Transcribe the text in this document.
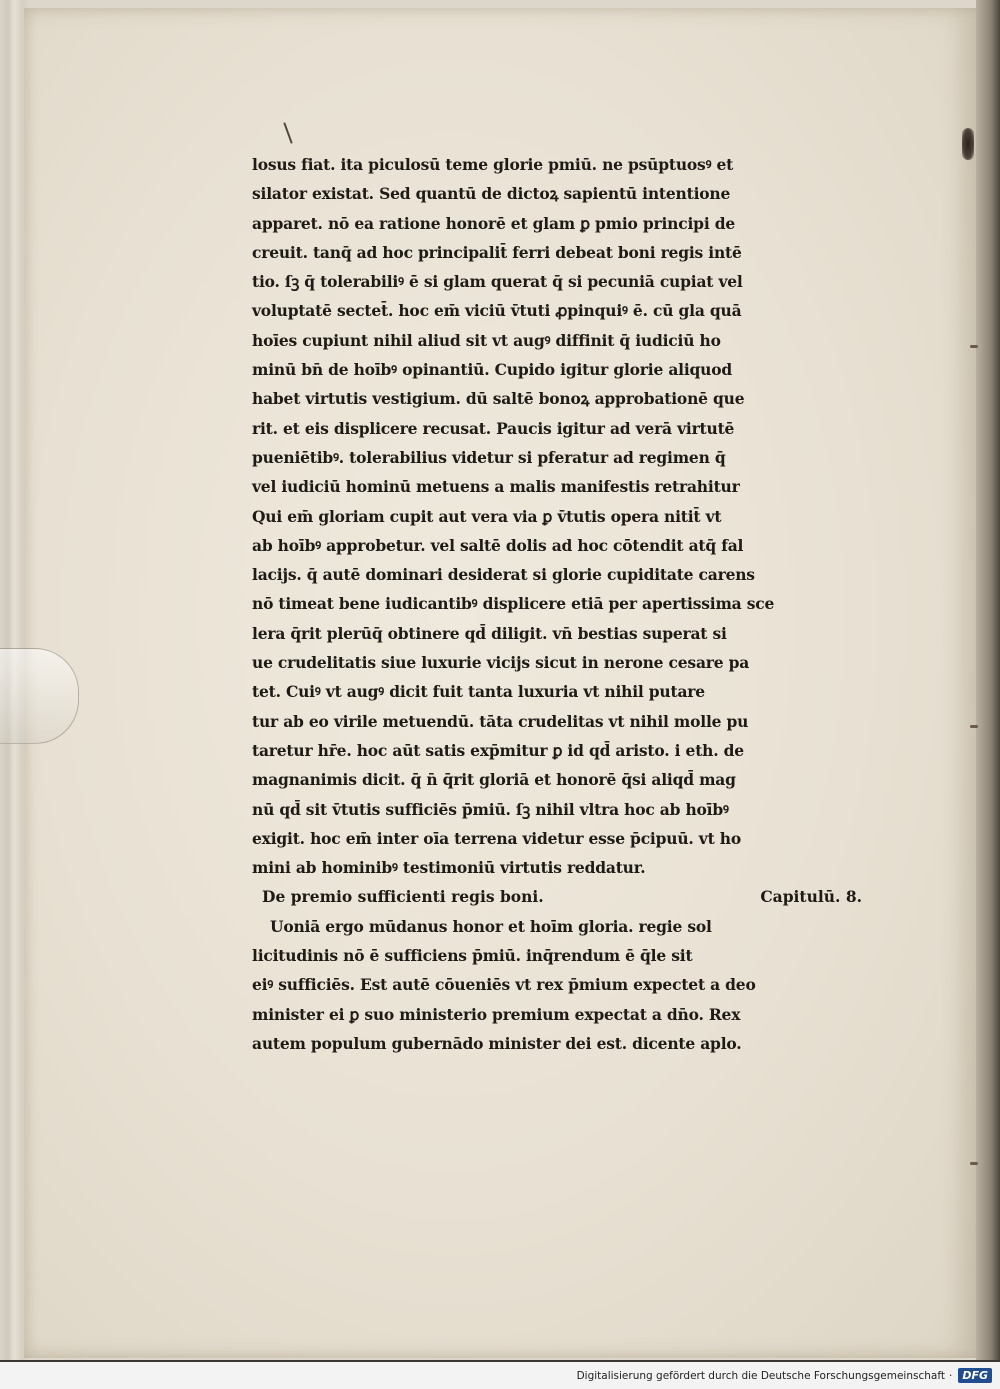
losus fiat. ita piculosū teme glorie pmiū. ne psūptuosꝰ et
silator existat. Sed quantū de dictoꝝ sapientū intentione
apparet. nō ea ratione honorē et glam ꝑ pmio principi de
creuit. tanq̄ ad hoc principalit̄ ferri debeat boni regis intē
tio. ſꝫ q̄ tolerabiliꝰ ē si glam querat q̄ si pecuniā cupiat vel
voluptatē sectet̄. hoc em̄ viciū v̄tuti ꝓpinquiꝰ ē. cū gla quā
hoīes cupiunt nihil aliud sit vt augꝰ diffinit q̄ iudiciū ho
minū bn̄ de hoībꝰ opinantiū. Cupido igitur glorie aliquod
habet virtutis vestigium. dū saltē bonoꝝ approbationē que
rit. et eis displicere recusat. Paucis igitur ad verā virtutē
pueniētibꝰ. tolerabilius videtur si pferatur ad regimen q̄
vel iudiciū hominū metuens a malis manifestis retrahitur
Qui em̄ gloriam cupit aut vera via ꝑ v̄tutis opera nitit̄ vt
ab hoībꝰ approbetur. vel saltē dolis ad hoc cōtendit atq̄ fal
lacijs. q̄ autē dominari desiderat si glorie cupiditate carens
nō timeat bene iudicantibꝰ displicere etiā per apertissima sce
lera q̄rit plerūq̄ obtinere qd̄ diligit. vn̄ bestias superat si
ue crudelitatis siue luxurie vicijs sicut in nerone cesare pa
tet. Cuiꝰ vt augꝰ dicit fuit tanta luxuria vt nihil putare
tur ab eo virile metuendū. tāta crudelitas vt nihil molle pu
taretur hr̄e. hoc aūt satis exp̄mitur ꝑ id qd̄ aristo. i eth. de
magnanimis dicit. q̄ n̄ q̄rit gloriā et honorē q̄si aliqd̄ mag
nū qd̄ sit v̄tutis sufficiēs p̄miū. ſꝫ nihil vltra hoc ab hoībꝰ
exigit. hoc em̄ inter oīa terrena videtur esse p̄cipuū. vt ho
mini ab hominibꝰ testimoniū virtutis reddatur.
De premio sufficienti regis boni.	Capitulū. 8.
Uoniā ergo mūdanus honor et hoīm gloria. regie sol
licitudinis nō ē sufficiens p̄miū. inq̄rendum ē q̄le sit
eiꝰ sufficiēs. Est autē cōueniēs vt rex p̄mium expectet a deo
minister ei ꝑ suo ministerio premium expectat a dn̄o. Rex
autem populum gubernādo minister dei est. dicente aplo.
Digitalisierung gefördert durch die Deutsche Forschungsgemeinschaft · DFG
